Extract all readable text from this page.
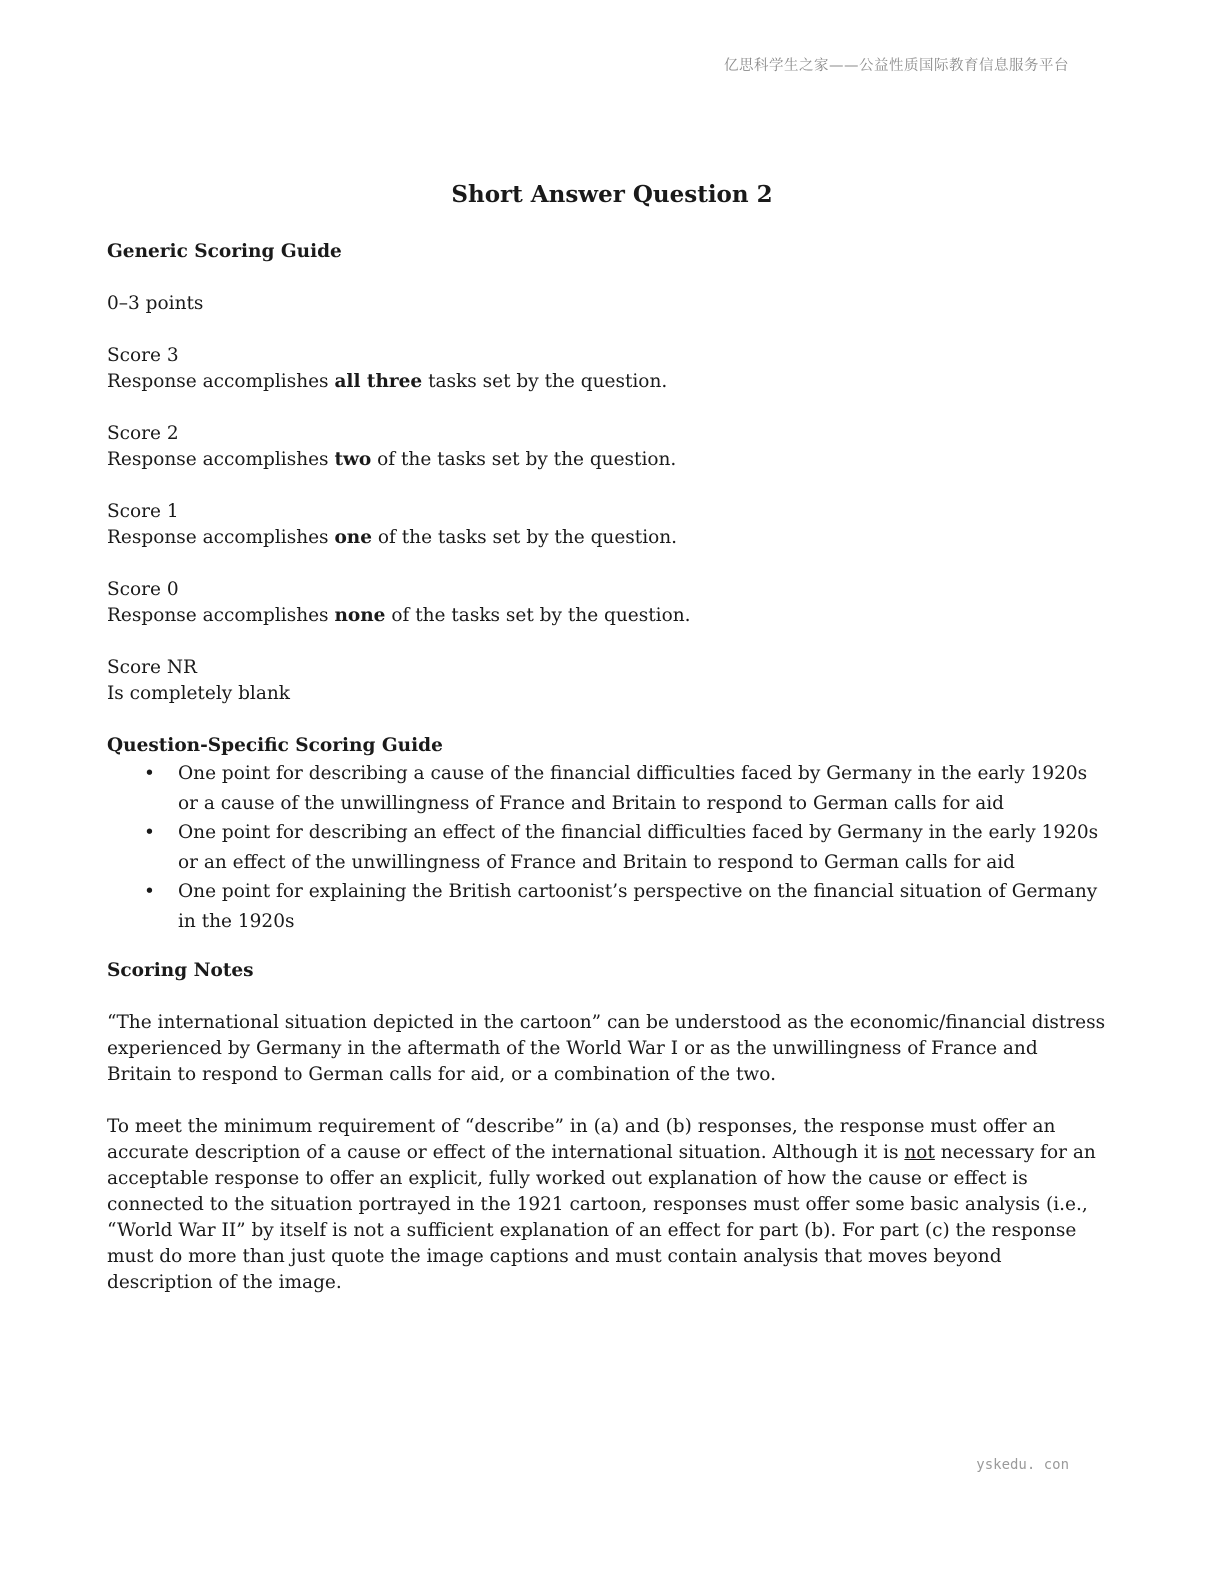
亿思科学生之家——公益性质国际教育信息服务平台
Short Answer Question 2

Generic Scoring Guide

0–3 points

Score 3

Response accomplishes all three tasks set by the question.

Score 2

Response accomplishes two of the tasks set by the question.

Score 1

Response accomplishes one of the tasks set by the question.

Score 0

Response accomplishes none of the tasks set by the question.

Score NR

Is completely blank

Question-Specific Scoring Guide

• One point for describing a cause of the financial difficulties faced by Germany in the early 1920s or a cause of the unwillingness of France and Britain to respond to German calls for aid
• One point for describing an effect of the financial difficulties faced by Germany in the early 1920s or an effect of the unwillingness of France and Britain to respond to German calls for aid
• One point for explaining the British cartoonist’s perspective on the financial situation of Germany in the 1920s

Scoring Notes

“The international situation depicted in the cartoon” can be understood as the economic/financial distress experienced by Germany in the aftermath of the World War I or as the unwillingness of France and Britain to respond to German calls for aid, or a combination of the two.

To meet the minimum requirement of “describe” in (a) and (b) responses, the response must offer an accurate description of a cause or effect of the international situation. Although it is not necessary for an acceptable response to offer an explicit, fully worked out explanation of how the cause or effect is connected to the situation portrayed in the 1921 cartoon, responses must offer some basic analysis (i.e., “World War II” by itself is not a sufficient explanation of an effect for part (b). For part (c) the response must do more than just quote the image captions and must contain analysis that moves beyond description of the image.

yskedu. con
